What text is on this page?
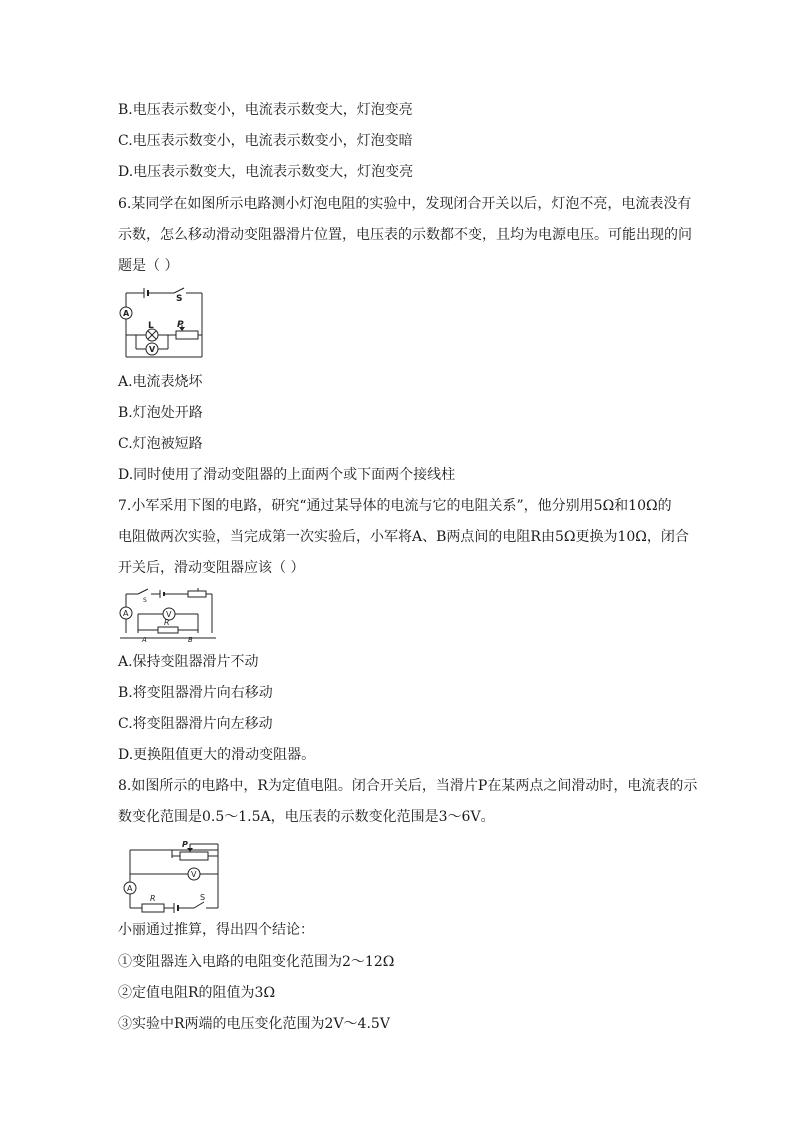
B.电压表示数变小，电流表示数变大，灯泡变亮
C.电压表示数变小，电流表示数变小，灯泡变暗
D.电压表示数变大，电流表示数变大，灯泡变亮
6.某同学在如图所示电路测小灯泡电阻的实验中，发现闭合开关以后，灯泡不亮，电流表没有
示数，怎么移动滑动变阻器滑片位置，电压表的示数都不变，且均为电源电压。可能出现的问
题是（ ）
S
A
L	P
V
A.电流表烧坏
B.灯泡处开路
C.灯泡被短路
D.同时使用了滑动变阻器的上面两个或下面两个接线柱
7.小军采用下图的电路，研究“通过某导体的电流与它的电阻关系”，他分别用5Ω和10Ω的
电阻做两次实验，当完成第一次实验后，小军将A、B两点间的电阻R由5Ω更换为10Ω，闭合
开关后，滑动变阻器应该（ ）
A
S
V
R
A	B
A.保持变阻器滑片不动
B.将变阻器滑片向右移动
C.将变阻器滑片向左移动
D.更换阻值更大的滑动变阻器。
8.如图所示的电路中，R为定值电阻。闭合开关后，当滑片P在某两点之间滑动时，电流表的示
数变化范围是0.5～1.5A，电压表的示数变化范围是3～6V。
P
V
A
R	S
小丽通过推算，得出四个结论：
①变阻器连入电路的电阻变化范围为2～12Ω
②定值电阻R的阻值为3Ω
③实验中R两端的电压变化范围为2V～4.5V
